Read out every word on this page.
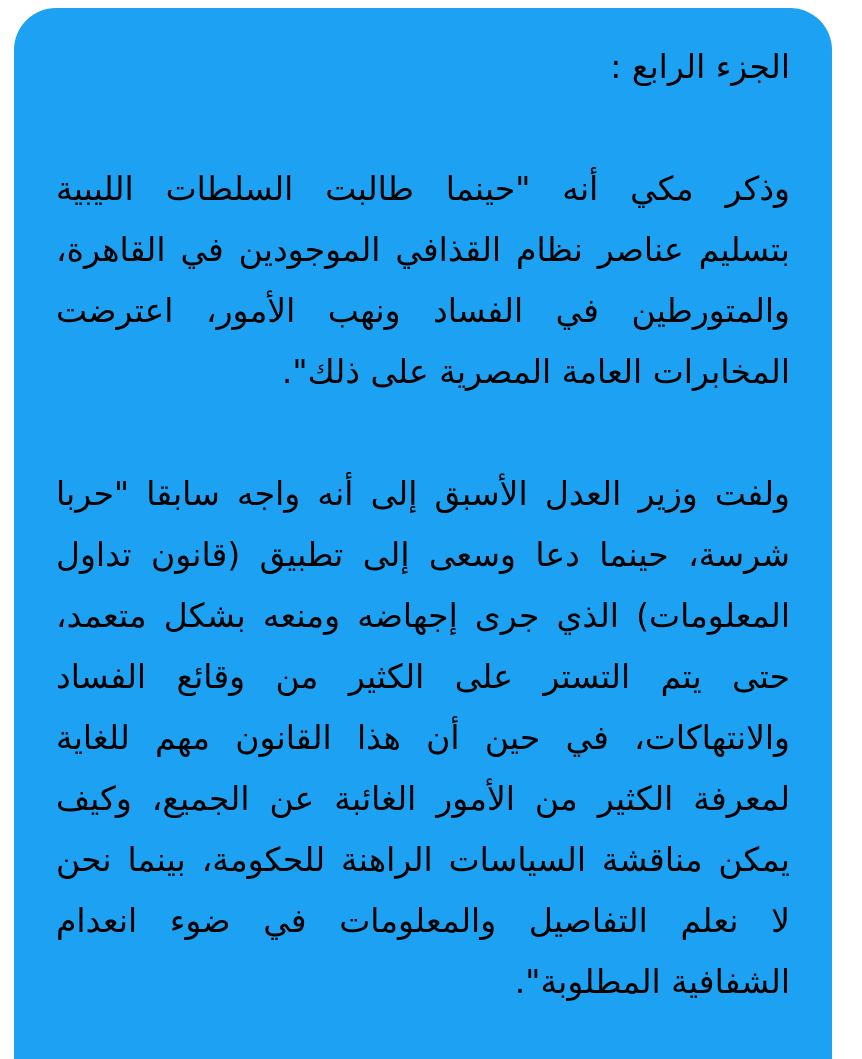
الجزء الرابع :
وذكر مكي أنه "حينما طالبت السلطات الليبية
بتسليم عناصر نظام القذافي الموجودين في القاهرة،
والمتورطين في الفساد ونهب الأمور، اعترضت
المخابرات العامة المصرية على ذلك".
ولفت وزير العدل الأسبق إلى أنه واجه سابقا "حربا
شرسة، حينما دعا وسعى إلى تطبيق (قانون تداول
المعلومات) الذي جرى إجهاضه ومنعه بشكل متعمد،
حتى يتم التستر على الكثير من وقائع الفساد
والانتهاكات، في حين أن هذا القانون مهم للغاية
لمعرفة الكثير من الأمور الغائبة عن الجميع، وكيف
يمكن مناقشة السياسات الراهنة للحكومة، بينما نحن
لا نعلم التفاصيل والمعلومات في ضوء انعدام
الشفافية المطلوبة".
